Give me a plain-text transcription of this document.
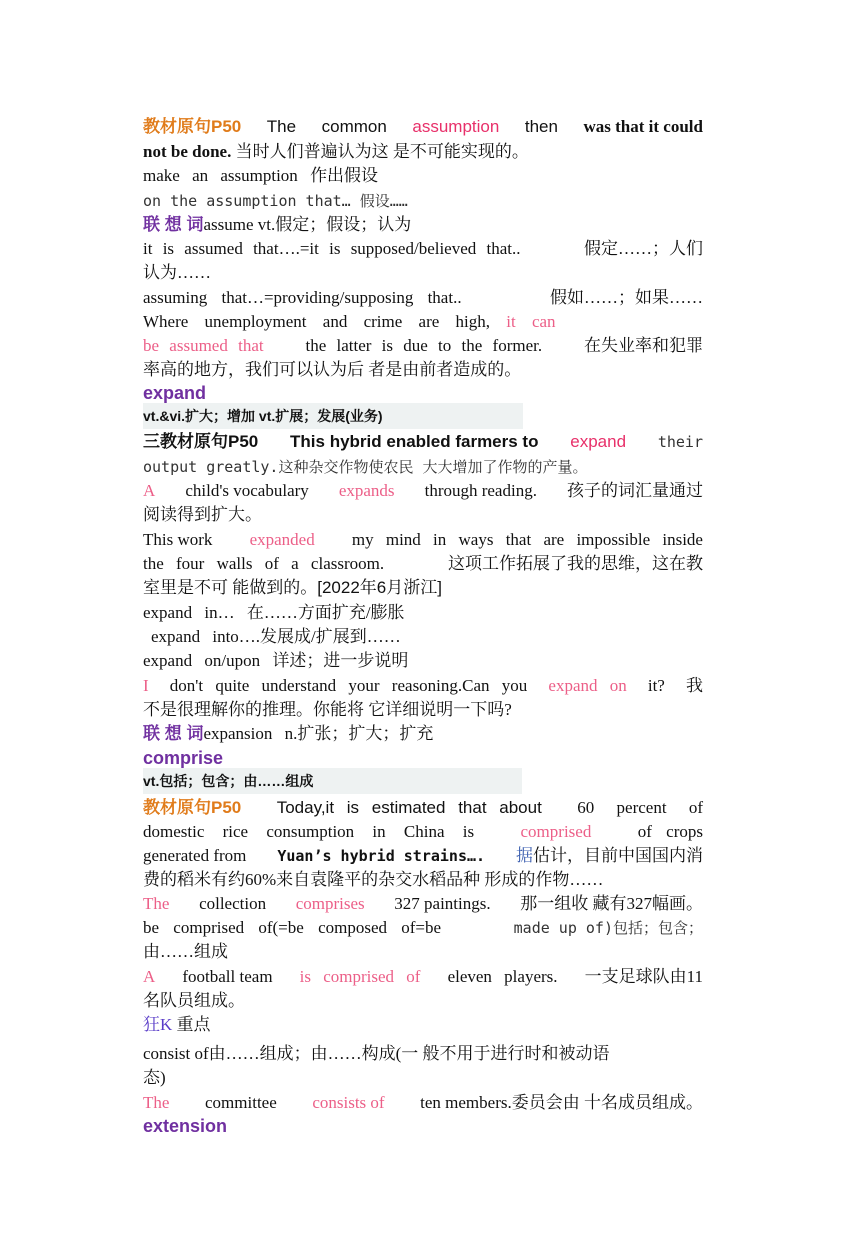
教材原句P50 The common assumption then was that it could
not be done. 当时人们普遍认为这 是不可能实现的。
make an assumption 作出假设
on the assumption that… 假设……
联 想 词assume vt.假定；假设；认为
it is assumed that….=it is supposed/believed that..	假定……；人们
认为……
assuming that…=providing/supposing that..	假如……；如果……
Where unemployment and crime are high, it can
be assumed that the latter is due to the former. 在失业率和犯罪
率高的地方，我们可以认为后 者是由前者造成的。
expand
vt.&vi.扩大；增加 vt.扩展；发展(业务)
三教材原句P50 This hybrid enabled farmers to expand their
output greatly.这种杂交作物使农民 大大增加了作物的产量。
A child's vocabulary expands through reading. 孩子的词汇量通过
阅读得到扩大。
This work expanded my mind in ways that are impossible inside
the four walls of a classroom.	这项工作拓展了我的思维，这在教
室里是不可 能做到的。[2022年6月浙江]
expand in… 在……方面扩充/膨胀
expand into….发展成/扩展到……
expand on/upon 详述；进一步说明
I don't quite understand your reasoning.Can you expand on it? 我
不是很理解你的推理。你能将 它详细说明一下吗?
联 想 词expansion n.扩张；扩大；扩充
comprise
vt.包括；包含；由……组成
教材原句P50 Today,it is estimated that about 60 percent of
domestic rice consumption in China is	comprised	of crops
generated from Yuan’s hybrid strains…. 据估计，目前中国国内消
费的稻米有约60%来自袁隆平的杂交水稻品种 形成的作物……
The collection comprises 327 paintings. 那一组收 藏有327幅画。
be comprised of(=be composed of=be	made up of)包括；包含；
由……组成
A football team is comprised of eleven players. 一支足球队由11
名队员组成。
狂K 重点
consist of由……组成；由……构成(一 般不用于进行时和被动语
态)
The committee consists of ten members.委员会由 十名成员组成。
extension
